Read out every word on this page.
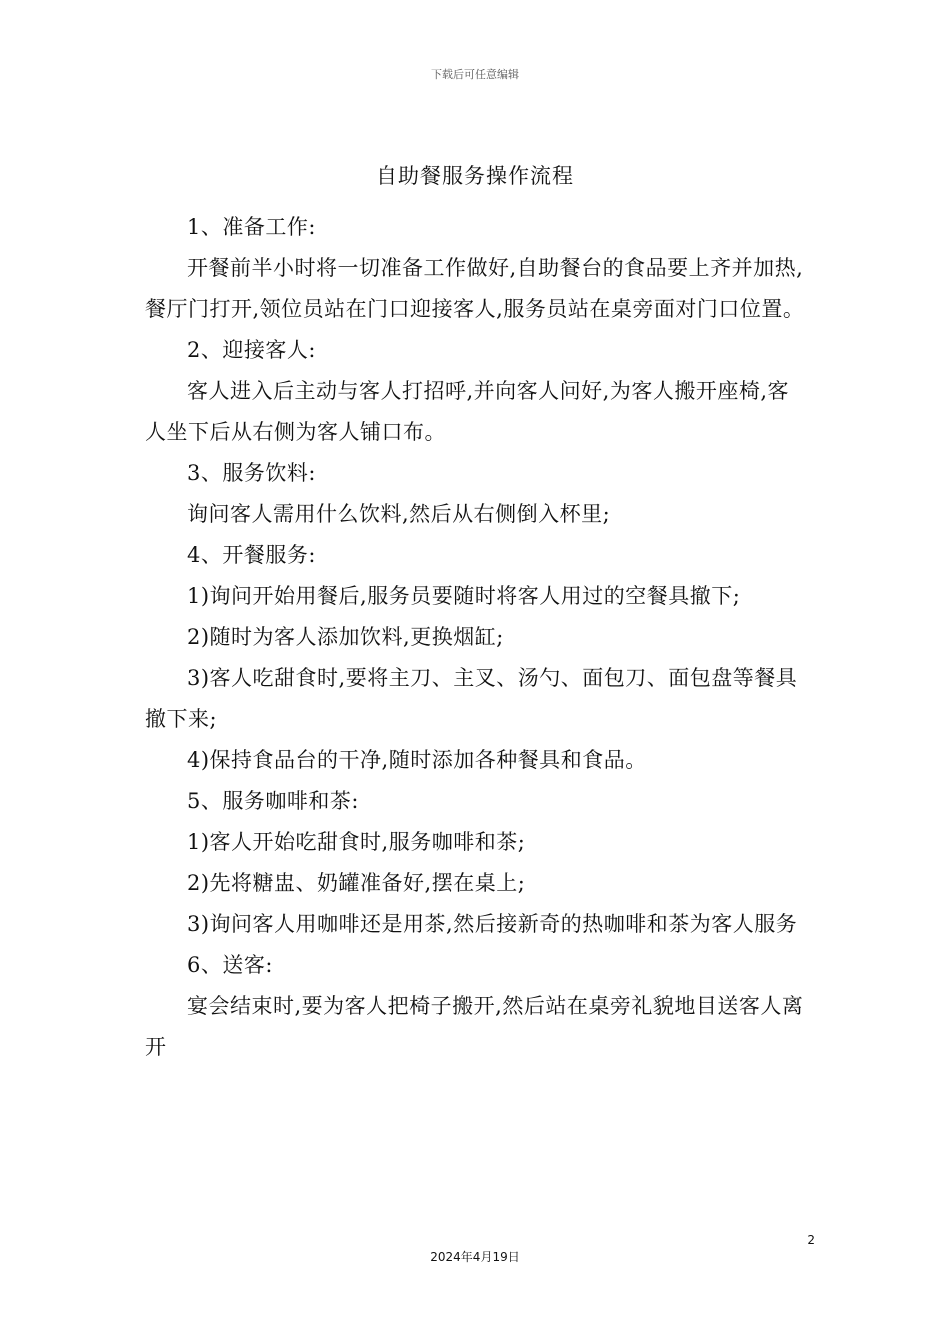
下载后可任意编辑
自助餐服务操作流程

1、准备工作:

开餐前半小时将一切准备工作做好,自助餐台的食品要上齐并加热,餐厅门打开,领位员站在门口迎接客人,服务员站在桌旁面对门口位置。

2、迎接客人:

客人进入后主动与客人打招呼,并向客人问好,为客人搬开座椅,客人坐下后从右侧为客人铺口布。

3、服务饮料:

询问客人需用什么饮料,然后从右侧倒入杯里;

4、开餐服务:

1)询问开始用餐后,服务员要随时将客人用过的空餐具撤下;

2)随时为客人添加饮料,更换烟缸;

3)客人吃甜食时,要将主刀、主叉、汤勺、面包刀、面包盘等餐具撤下来;

4)保持食品台的干净,随时添加各种餐具和食品。

5、服务咖啡和茶:

1)客人开始吃甜食时,服务咖啡和茶;

2)先将糖盅、奶罐准备好,摆在桌上;

3)询问客人用咖啡还是用茶,然后接新奇的热咖啡和茶为客人服务

6、送客:

宴会结束时,要为客人把椅子搬开,然后站在桌旁礼貌地目送客人离开

2
2024年4月19日
